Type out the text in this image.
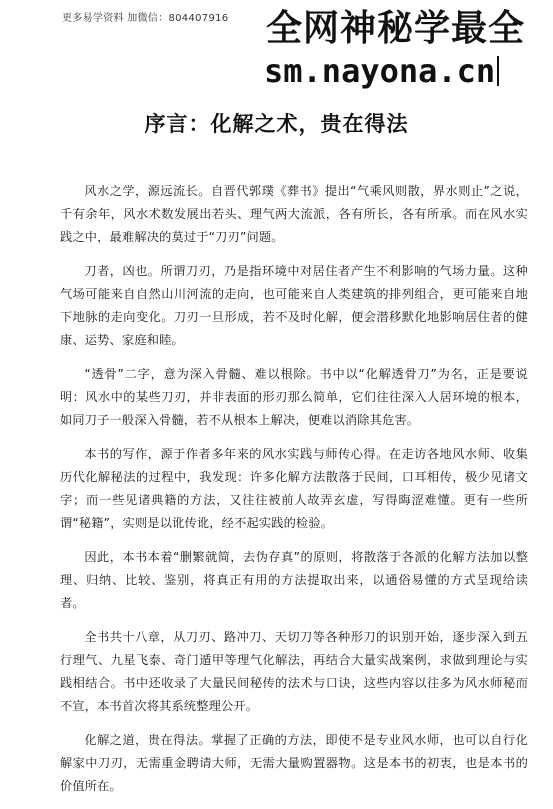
更多易学资料 加微信：804407916 全网神秘学最全
sm.nayona.cn
序言：化解之术，贵在得法

风水之学，源远流长。自晋代郭璞《葬书》提出“气乘风则散，界水则止”之说，千有余年，风水术数发展出若头、理气两大流派，各有所长，各有所承。而在风水实践之中，最难解决的莫过于“刀刃”问题。

刀者，凶也。所谓刀刃，乃是指环境中对居住者产生不利影响的气场力量。这种气场可能来自自然山川河流的走向，也可能来自人类建筑的排列组合，更可能来自地下地脉的走向变化。刀刃一旦形成，若不及时化解，便会潜移默化地影响居住者的健康、运势、家庭和睦。

“透骨”二字，意为深入骨髓、难以根除。书中以“化解透骨刀”为名，正是要说明：风水中的某些刀刃，并非表面的形刃那么简单，它们往往深入人居环境的根本，如同刀子一般深入骨髓，若不从根本上解决，便难以消除其危害。

本书的写作，源于作者多年来的风水实践与师传心得。在走访各地风水师、收集历代化解秘法的过程中，我发现：许多化解方法散落于民间，口耳相传，极少见诸文字；而一些见诸典籍的方法，又往往被前人故弄玄虚，写得晦涩难懂。更有一些所谓“秘籍”，实则是以讹传讹，经不起实践的检验。

因此，本书本着“删繁就简，去伪存真”的原则，将散落于各派的化解方法加以整理、归纳、比较、鉴别，将真正有用的方法提取出来，以通俗易懂的方式呈现给读者。

全书共十八章，从刀刃、路冲刀、天切刀等各种形刀的识别开始，逐步深入到五行理气、九星飞泰、奇门遁甲等理气化解法，再结合大量实战案例，求做到理论与实践相结合。书中还收录了大量民间秘传的法术与口诀，这些内容以往多为风水师秘而不宣，本书首次将其系统整理公开。

化解之道，贵在得法。掌握了正确的方法，即使不是专业风水师，也可以自行化解家中刀刃，无需重金聘请大师，无需大量购置器物。这是本书的初衷，也是本书的价值所在。
